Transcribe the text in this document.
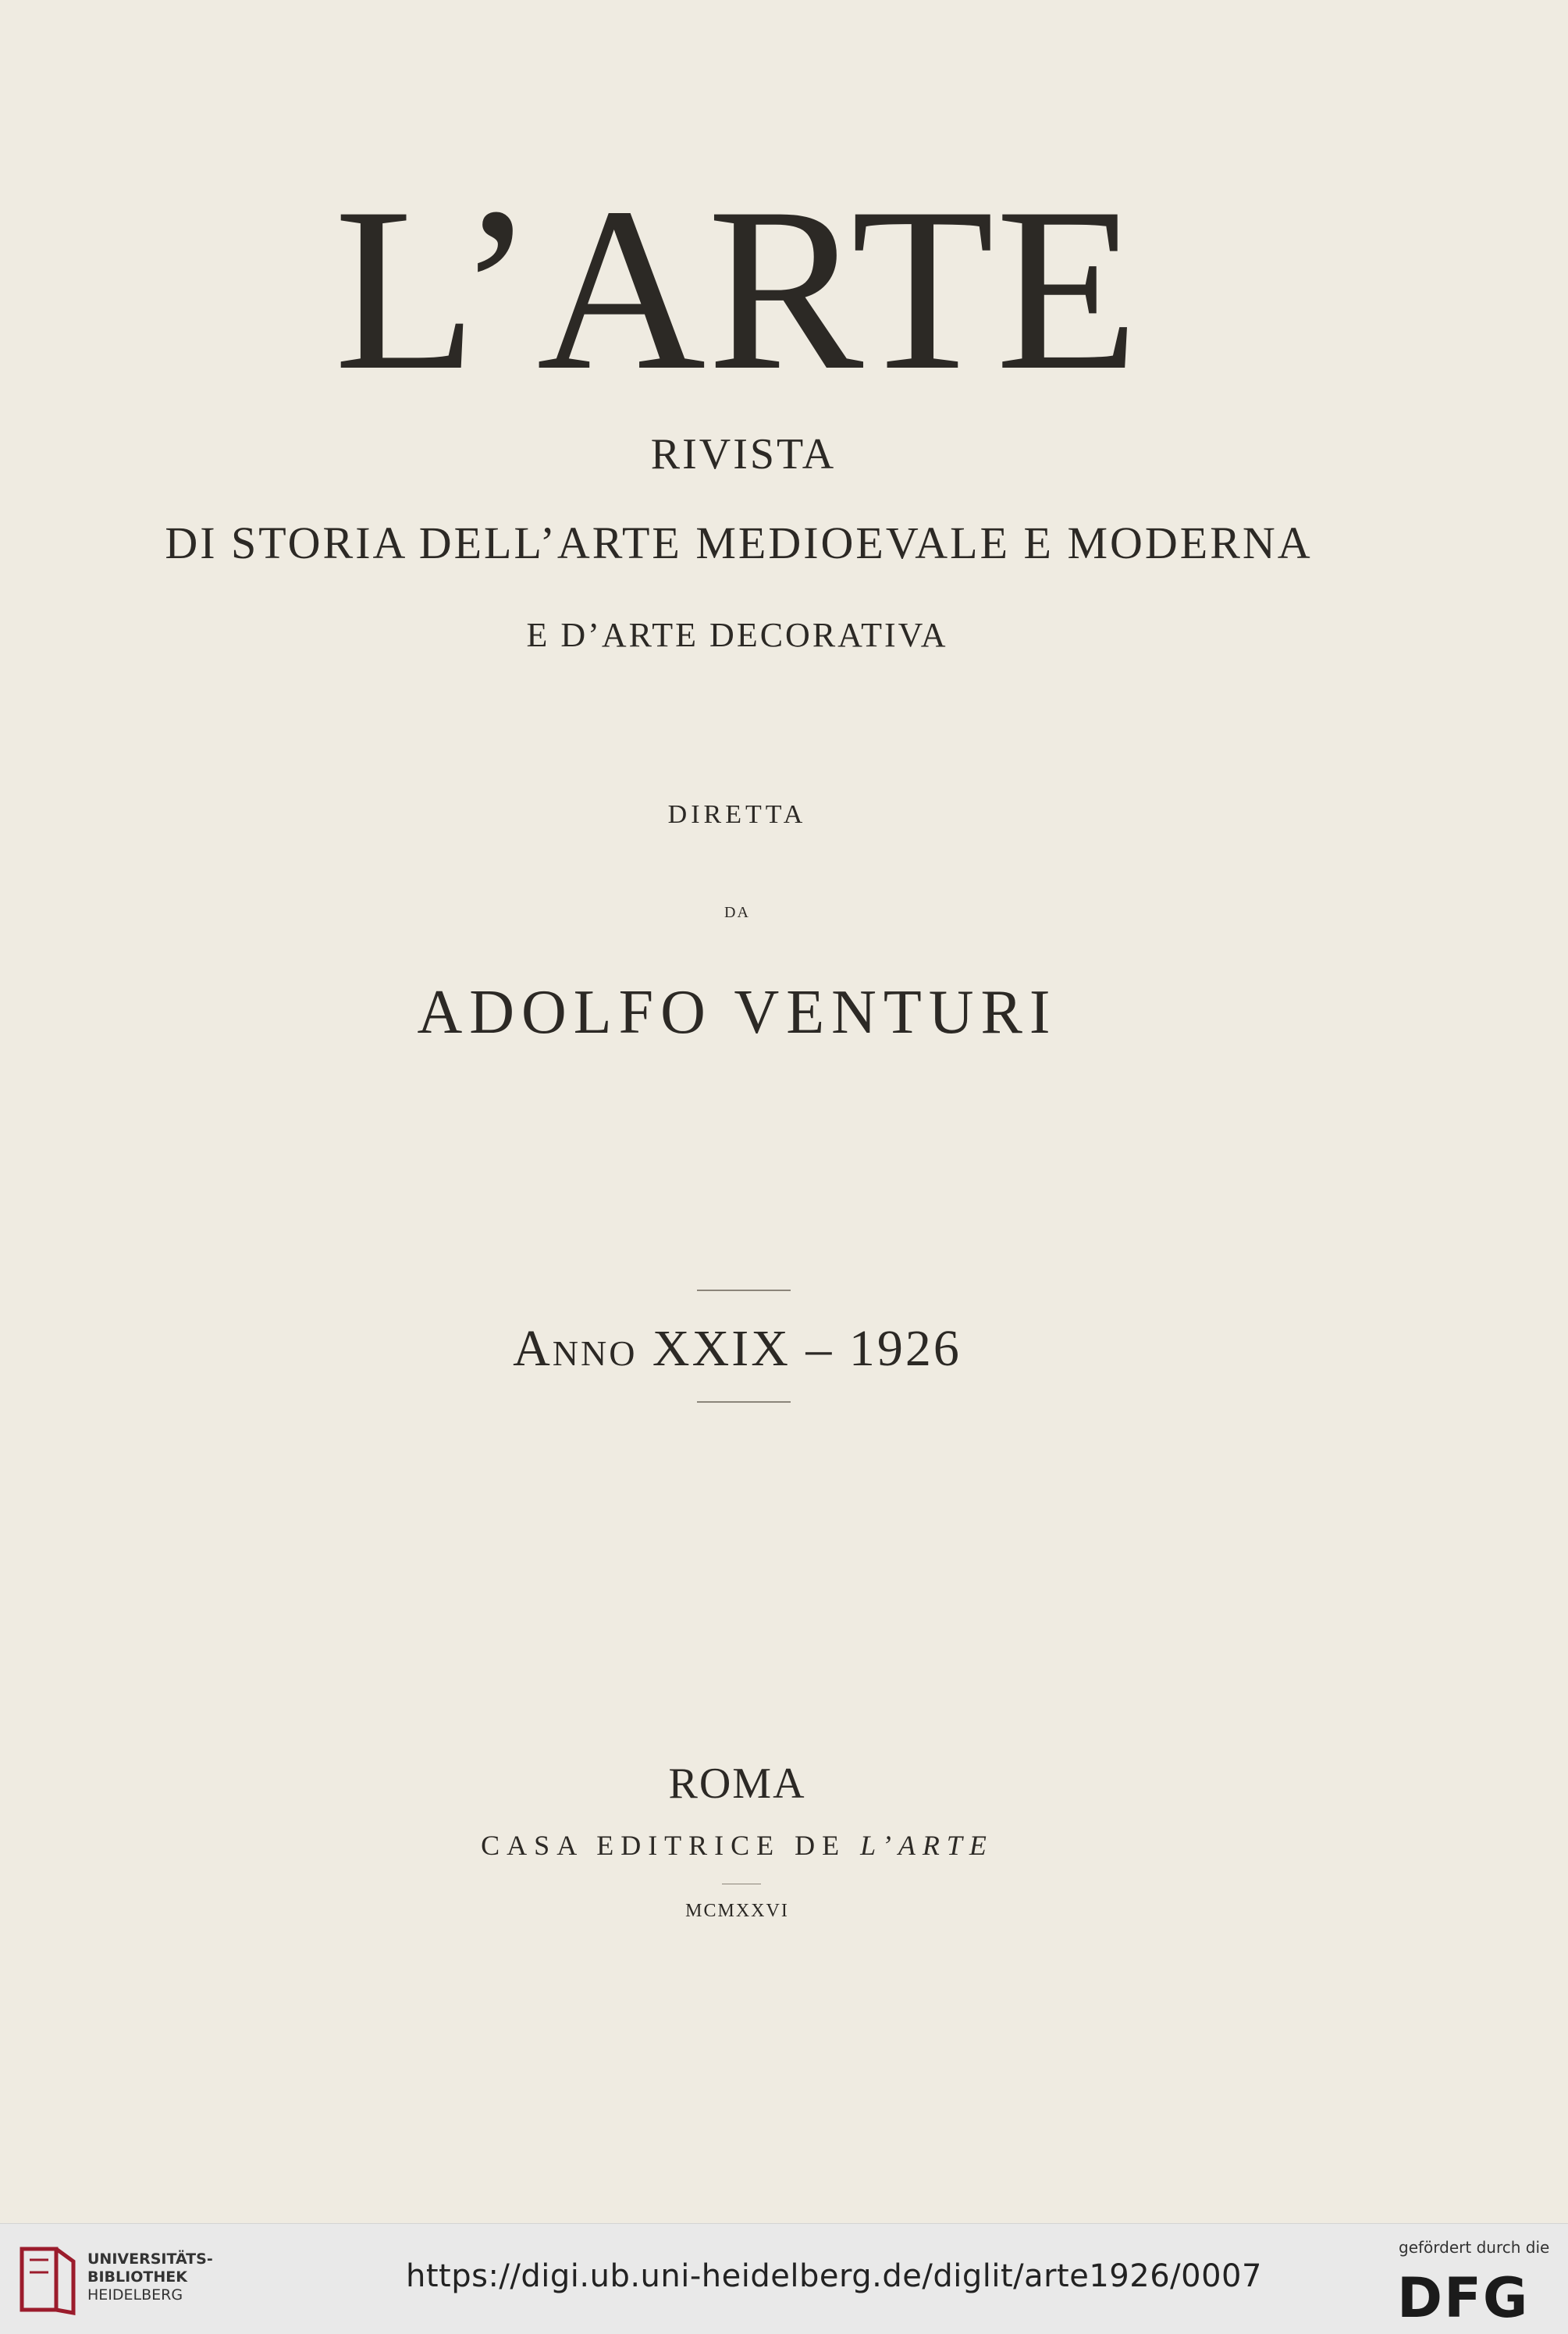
L’ARTE
RIVISTA
DI STORIA DELL’ARTE MEDIOEVALE E MODERNA
E D’ARTE DECORATIVA
DIRETTA
DA
ADOLFO VENTURI
Anno XXIX – 1926
ROMA
CASA EDITRICE DE L’ARTE
MCMXXVI
UNIVERSITÄTS-
BIBLIOTHEK
HEIDELBERG
https://digi.ub.uni-heidelberg.de/diglit/arte1926/0007
gefördert durch die
DFG
